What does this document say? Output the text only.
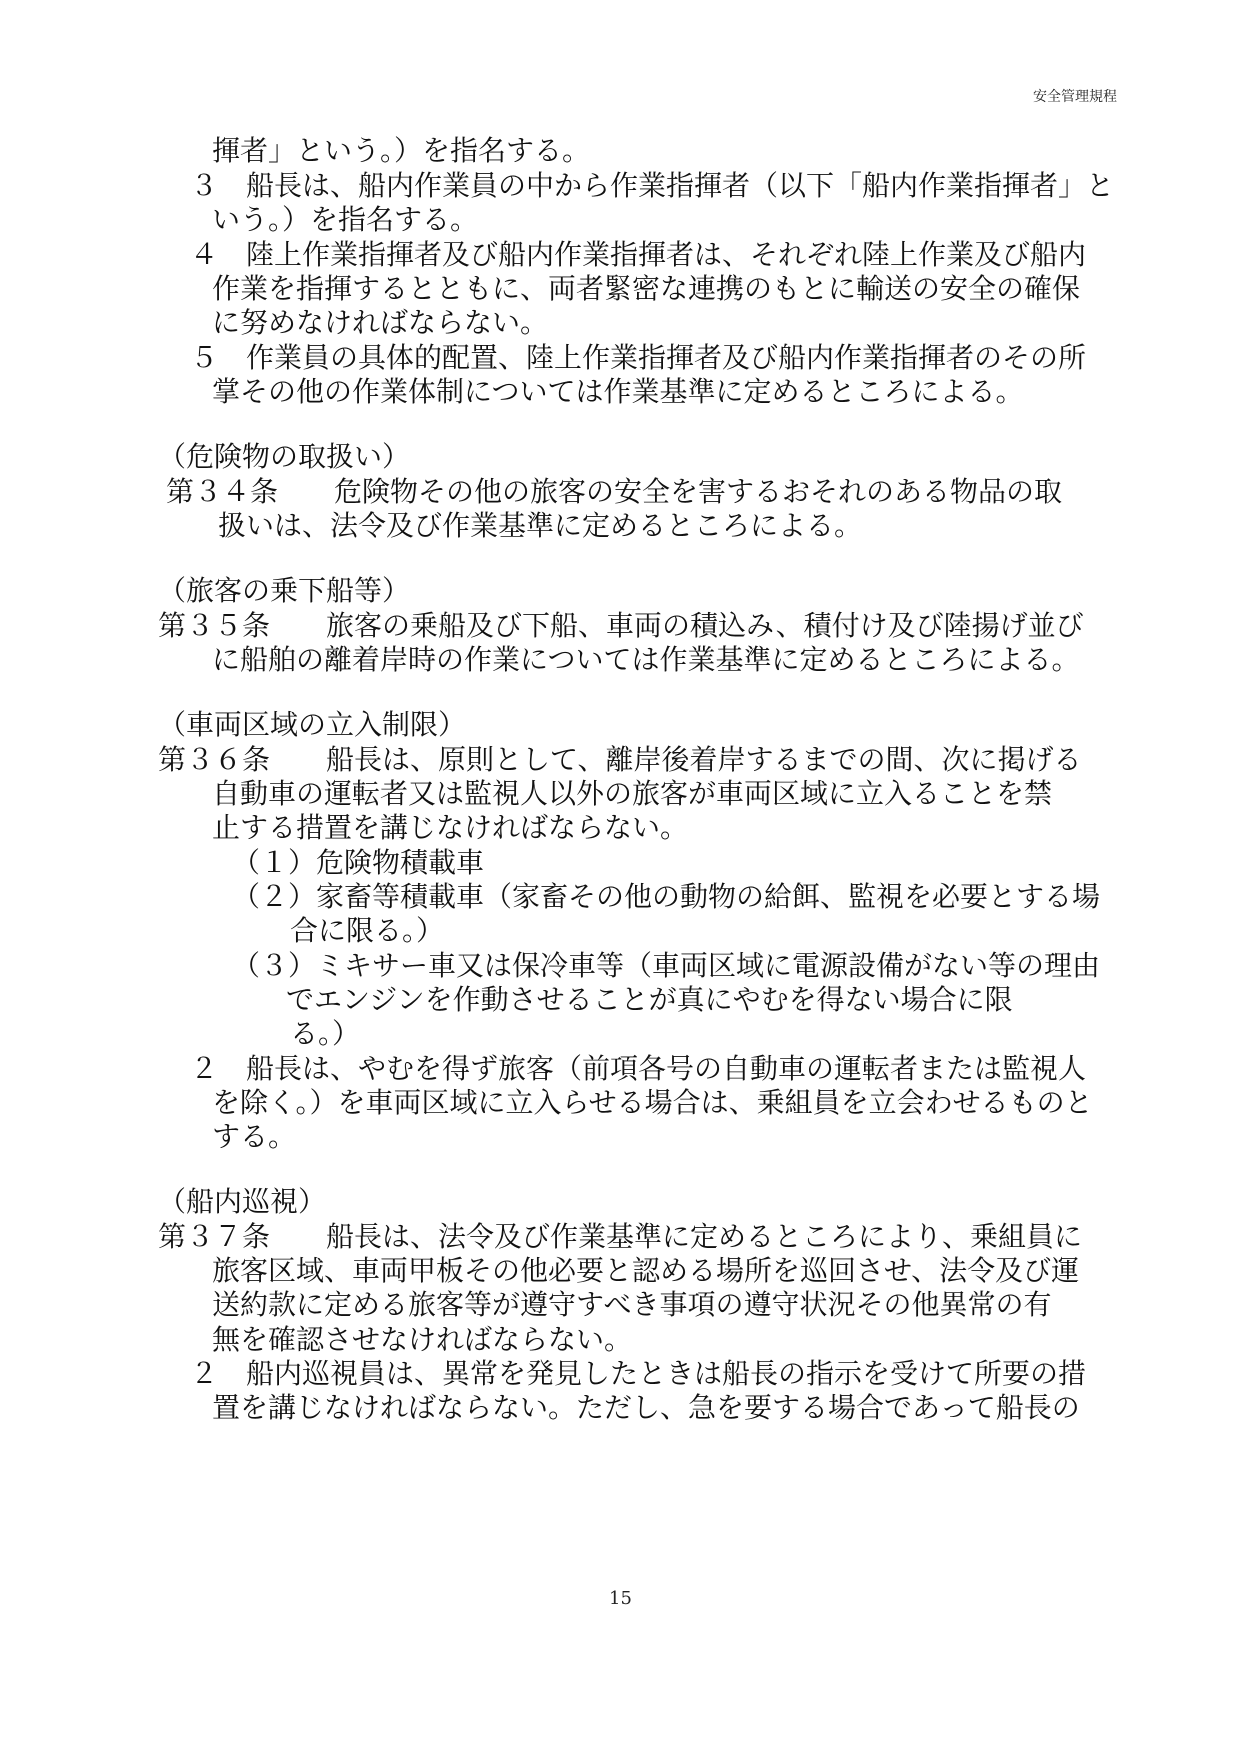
安全管理規程
揮者」という。）を指名する。
３　船長は、船内作業員の中から作業指揮者（以下「船内作業指揮者」と
いう。）を指名する。
４　陸上作業指揮者及び船内作業指揮者は、それぞれ陸上作業及び船内
作業を指揮するとともに、両者緊密な連携のもとに輸送の安全の確保
に努めなければならない。
５　作業員の具体的配置、陸上作業指揮者及び船内作業指揮者のその所
掌その他の作業体制については作業基準に定めるところによる。
（危険物の取扱い）
第３４条　　危険物その他の旅客の安全を害するおそれのある物品の取
扱いは、法令及び作業基準に定めるところによる。
（旅客の乗下船等）
第３５条　　旅客の乗船及び下船、車両の積込み、積付け及び陸揚げ並び
に船舶の離着岸時の作業については作業基準に定めるところによる。
（車両区域の立入制限）
第３６条　　船長は、原則として、離岸後着岸するまでの間、次に掲げる
自動車の運転者又は監視人以外の旅客が車両区域に立入ることを禁
止する措置を講じなければならない。
（１）危険物積載車
（２）家畜等積載車（家畜その他の動物の給餌、監視を必要とする場
合に限る。）
（３）ミキサー車又は保冷車等（車両区域に電源設備がない等の理由
でエンジンを作動させることが真にやむを得ない場合に限
る。）
２　船長は、やむを得ず旅客（前項各号の自動車の運転者または監視人
を除く。）を車両区域に立入らせる場合は、乗組員を立会わせるものと
する。
（船内巡視）
第３７条　　船長は、法令及び作業基準に定めるところにより、乗組員に
旅客区域、車両甲板その他必要と認める場所を巡回させ、法令及び運
送約款に定める旅客等が遵守すべき事項の遵守状況その他異常の有
無を確認させなければならない。
２　船内巡視員は、異常を発見したときは船長の指示を受けて所要の措
置を講じなければならない。ただし、急を要する場合であって船長の
15
